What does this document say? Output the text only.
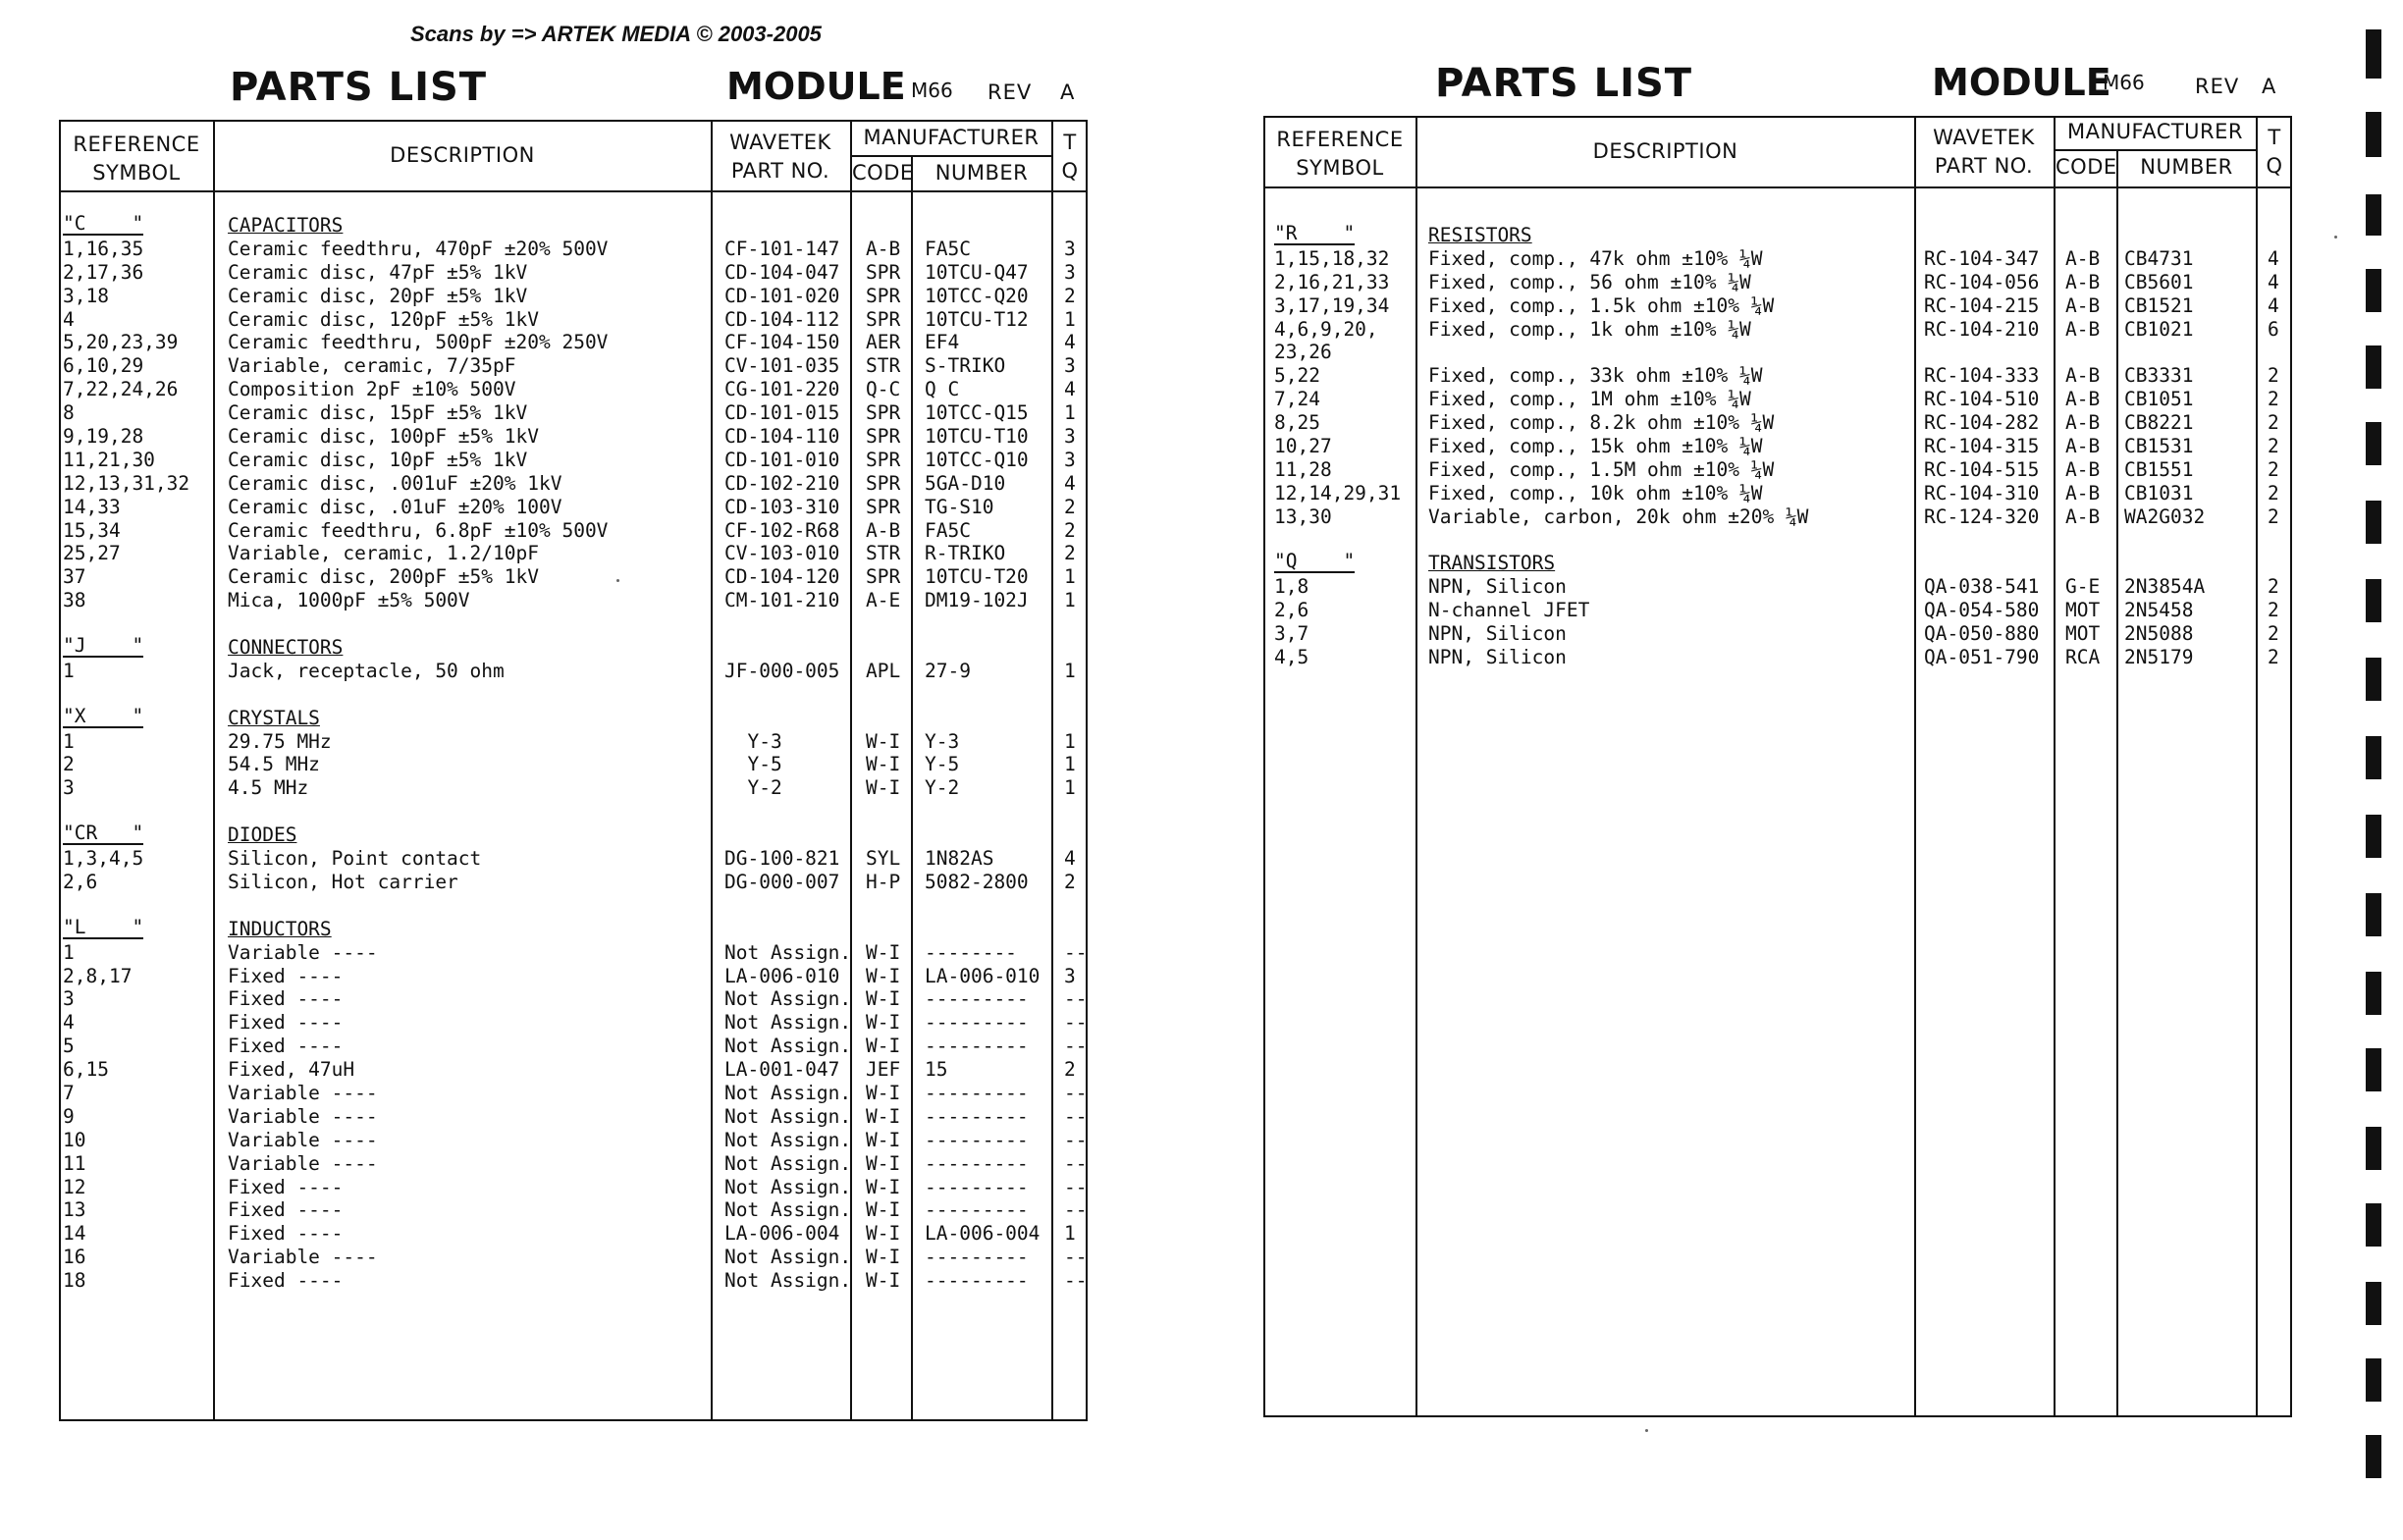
Scans by => ARTEK MEDIA © 2003-2005
PARTS LIST	MODULE M66 REV A
REFERENCE
SYMBOL
DESCRIPTION
WAVETEK
PART NO.
MANUFACTURER
CODE	NUMBER
T
Q
"C    "	CAPACITORS
1,16,35	Ceramic feedthru, 470pF ±20% 500V	CF-101-147 A-B FA5C	3
2,17,36	Ceramic disc, 47pF ±5% 1kV	CD-104-047 SPR 10TCU-Q47 3
3,18	Ceramic disc, 20pF ±5% 1kV	CD-101-020 SPR 10TCC-Q20 2
4	Ceramic disc, 120pF ±5% 1kV	CD-104-112 SPR 10TCU-T12 1
5,20,23,39	Ceramic feedthru, 500pF ±20% 250V	CF-104-150 AER EF4	4
6,10,29	Variable, ceramic, 7/35pF	CV-101-035 STR S-TRIKO	3
7,22,24,26	Composition 2pF ±10% 500V	CG-101-220 Q-C Q C	4
8	Ceramic disc, 15pF ±5% 1kV	CD-101-015 SPR 10TCC-Q15 1
9,19,28	Ceramic disc, 100pF ±5% 1kV	CD-104-110 SPR 10TCU-T10 3
11,21,30	Ceramic disc, 10pF ±5% 1kV	CD-101-010 SPR 10TCC-Q10 3
12,13,31,32 Ceramic disc, .001uF ±20% 1kV	CD-102-210 SPR 5GA-D10	4
14,33	Ceramic disc, .01uF ±20% 100V	CD-103-310 SPR TG-S10	2
15,34	Ceramic feedthru, 6.8pF ±10% 500V	CF-102-R68 A-B FA5C	2
25,27	Variable, ceramic, 1.2/10pF	CV-103-010 STR R-TRIKO	2
37	Ceramic disc, 200pF ±5% 1kV	CD-104-120 SPR 10TCU-T20 1
38	Mica, 1000pF ±5% 500V	CM-101-210 A-E DM19-102J 1
"J    "	CONNECTORS
1	Jack, receptacle, 50 ohm	JF-000-005 APL 27-9	1
"X    "	CRYSTALS
1	29.75 MHz	Y-3	W-I Y-3	1
2	54.5 MHz	Y-5	W-I Y-5	1
3	4.5 MHz	Y-2	W-I Y-2	1
"CR   "	DIODES
1,3,4,5	Silicon, Point contact	DG-100-821 SYL 1N82AS	4
2,6	Silicon, Hot carrier	DG-000-007 H-P 5082-2800 2
"L    "	INDUCTORS
1	Variable ----	Not Assign. W-I -------- --
2,8,17	Fixed ----	LA-006-010 W-I LA-006-010 3
3	Fixed ----	Not Assign. W-I --------- --
4	Fixed ----	Not Assign. W-I --------- --
5	Fixed ----	Not Assign. W-I --------- --
6,15	Fixed, 47uH	LA-001-047 JEF 15	2
7	Variable ----	Not Assign. W-I --------- --
9	Variable ----	Not Assign. W-I --------- --
10	Variable ----	Not Assign. W-I --------- --
11	Variable ----	Not Assign. W-I --------- --
12	Fixed ----	Not Assign. W-I --------- --
13	Fixed ----	Not Assign. W-I --------- --
14	Fixed ----	LA-006-004 W-I LA-006-004 1
16	Variable ----	Not Assign. W-I --------- --
18	Fixed ----	Not Assign. W-I --------- --
PARTS LIST	MODULE
M66 REV A
REFERENCE
SYMBOL
DESCRIPTION
WAVETEK
PART NO.
MANUFACTURER
CODE	NUMBER
T
Q
"R    "	RESISTORS
1,15,18,32 Fixed, comp., 47k ohm ±10% ¼W	RC-104-347 A-B CB4731	4
2,16,21,33 Fixed, comp., 56 ohm ±10% ¼W	RC-104-056 A-B CB5601	4
3,17,19,34 Fixed, comp., 1.5k ohm ±10% ¼W	RC-104-215 A-B CB1521	4
4,6,9,20,	Fixed, comp., 1k ohm ±10% ¼W	RC-104-210 A-B CB1021	6
23,26
5,22	Fixed, comp., 33k ohm ±10% ¼W	RC-104-333 A-B CB3331	2
7,24	Fixed, comp., 1M ohm ±10% ¼W	RC-104-510 A-B CB1051	2
8,25	Fixed, comp., 8.2k ohm ±10% ¼W	RC-104-282 A-B CB8221	2
10,27	Fixed, comp., 15k ohm ±10% ¼W	RC-104-315 A-B CB1531	2
11,28	Fixed, comp., 1.5M ohm ±10% ¼W	RC-104-515 A-B CB1551	2
12,14,29,31 Fixed, comp., 10k ohm ±10% ¼W	RC-104-310 A-B CB1031	2
13,30	Variable, carbon, 20k ohm ±20% ¼W	RC-124-320 A-B WA2G032	2
"Q    "	TRANSISTORS
1,8	NPN, Silicon	QA-038-541 G-E 2N3854A	2
2,6	N-channel JFET	QA-054-580 MOT 2N5458	2
3,7	NPN, Silicon	QA-050-880 MOT 2N5088	2
4,5	NPN, Silicon	QA-051-790 RCA 2N5179	2
